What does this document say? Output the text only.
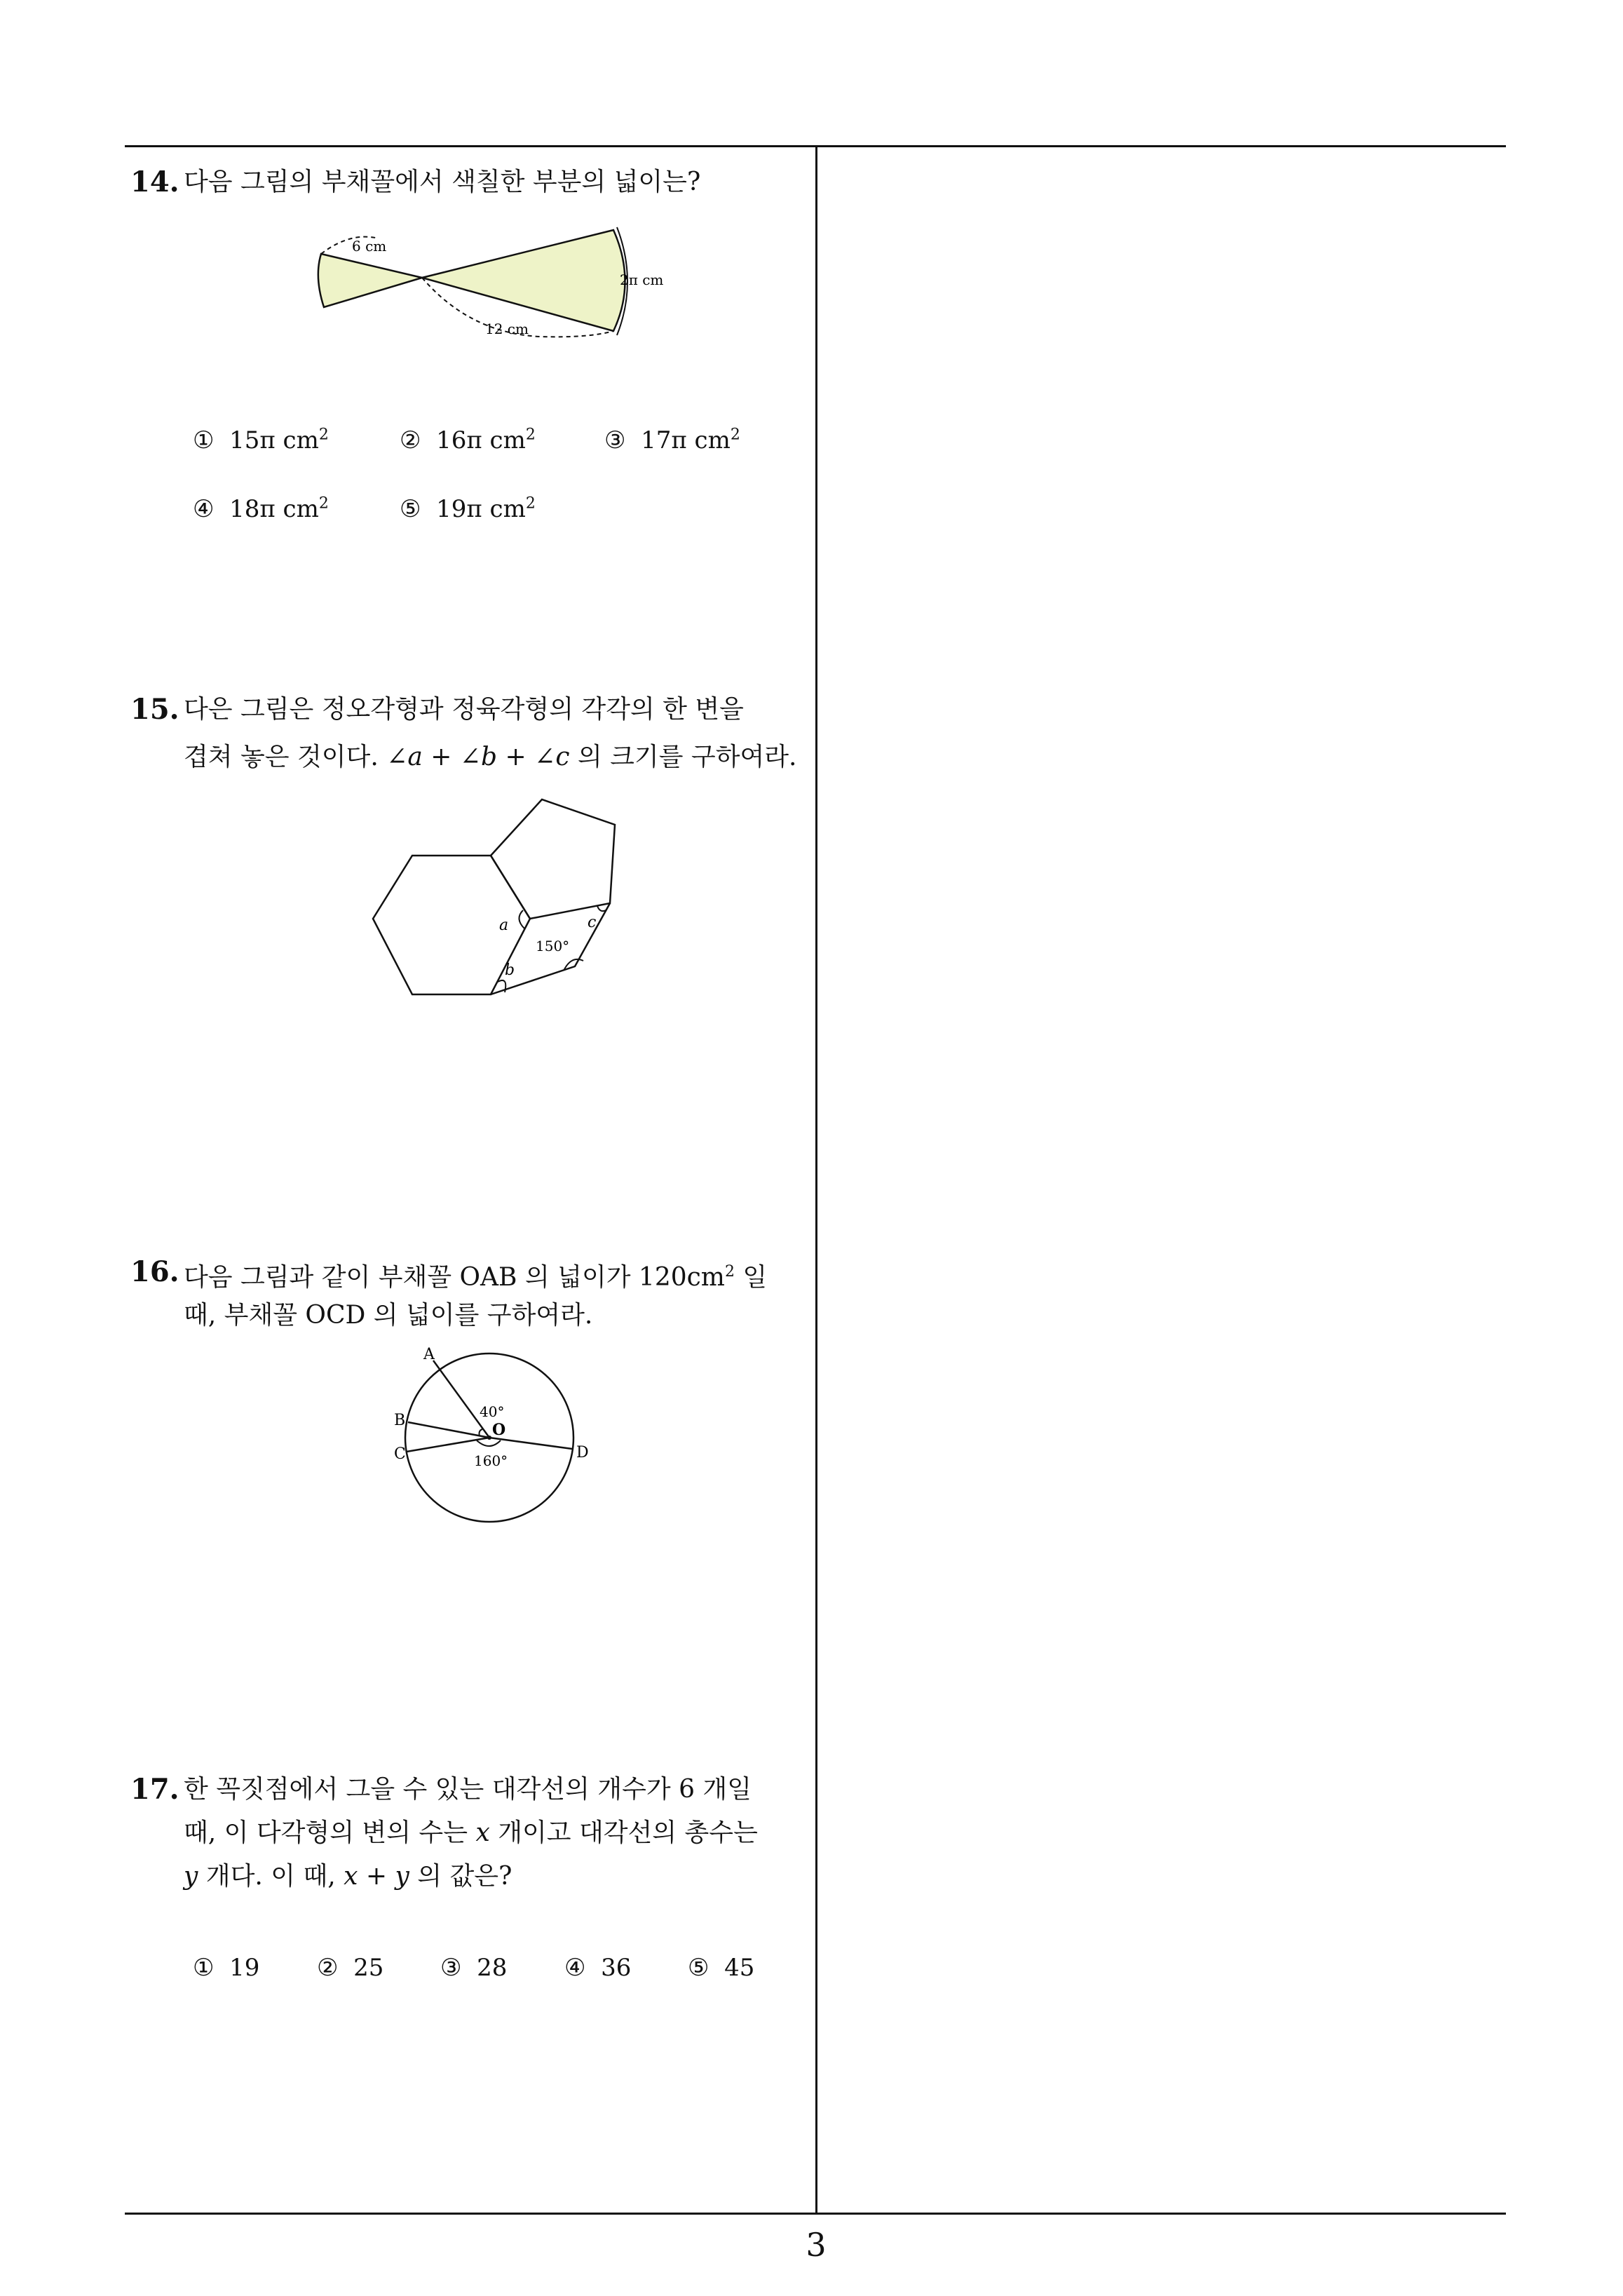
3
14. 다음 그림의 부채꼴에서 색칠한 부분의 넓이는?
6 cm
2π cm
12 cm
① 15π $cm^2$	② 16π $cm^2$	③ 17π $cm^2$
④ 18π $cm^2$	⑤ 19π $cm^2$
15. 다은 그림은 정오각형과 정육각형의 각각의 한 변을
겹쳐 놓은 것이다. ∠a + ∠b + ∠c 의 크기를 구하여라.
a
b
c
150°
16. 다음 그림과 같이 부채꼴 OAB 의 넓이가 $120cm^2$ 일
때, 부채꼴 OCD 의 넓이를 구하여라.
A
B
C	D
O
40°
160°
17. 한 꼭짓점에서 그을 수 있는 대각선의 개수가 6 개일
때, 이 다각형의 변의 수는 x 개이고 대각선의 총수는
y 개다. 이 때, x + y 의 값은?
① 19 ② 25 ③ 28 ④ 36 ⑤ 45
